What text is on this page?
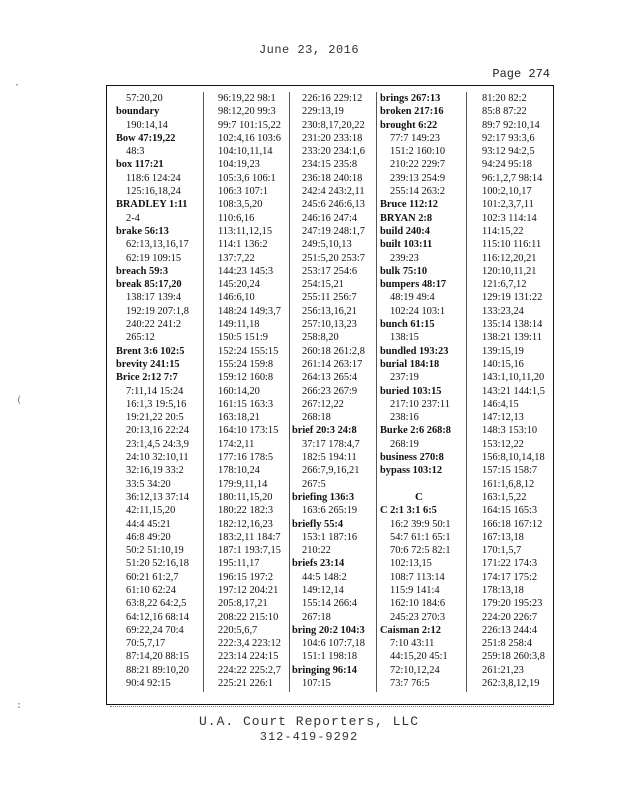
June 23, 2016
Page 274
57:20,20
boundary
190:14,14
Bow 47:19,22
48:3
box 117:21
118:6 124:24
125:16,18,24
BRADLEY 1:11
2-4
brake 56:13
62:13,13,16,17
62:19 109:15
breach 59:3
break 85:17,20
138:17 139:4
192:19 207:1,8
240:22 241:2
265:12
Brent 3:6 102:5
brevity 241:15
Brice 2:12 7:7
7:11,14 15:24
16:1,3 19:5,16
19:21,22 20:5
20:13,16 22:24
23:1,4,5 24:3,9
24:10 32:10,11
32:16,19 33:2
33:5 34:20
36:12,13 37:14
42:11,15,20
44:4 45:21
46:8 49:20
50:2 51:10,19
51:20 52:16,18
60:21 61:2,7
61:10 62:24
63:8,22 64:2,5
64:12,16 68:14
69:22,24 70:4
70:5,7,17
87:14,20 88:15
88:21 89:10,20
90:4 92:15
96:19,22 98:1
98:12,20 99:3
99:7 101:15,22
102:4,16 103:6
104:10,11,14
104:19,23
105:3,6 106:1
106:3 107:1
108:3,5,20
110:6,16
113:11,12,15
114:1 136:2
137:7,22
144:23 145:3
145:20,24
146:6,10
148:24 149:3,7
149:11,18
150:5 151:9
152:24 155:15
155:24 159:8
159:12 160:8
160:14,20
161:15 163:3
163:18,21
164:10 173:15
174:2,11
177:16 178:5
178:10,24
179:9,11,14
180:11,15,20
180:22 182:3
182:12,16,23
183:2,11 184:7
187:1 193:7,15
195:11,17
196:15 197:2
197:12 204:21
205:8,17,21
208:22 215:10
220:5,6,7
222:3,4 223:12
223:14 224:15
224:22 225:2,7
225:21 226:1
226:16 229:12
229:13,19
230:8,17,20,22
231:20 233:18
233:20 234:1,6
234:15 235:8
236:18 240:18
242:4 243:2,11
245:6 246:6,13
246:16 247:4
247:19 248:1,7
249:5,10,13
251:5,20 253:7
253:17 254:6
254:15,21
255:11 256:7
256:13,16,21
257:10,13,23
258:8,20
260:18 261:2,8
261:14 263:17
264:13 265:4
266:23 267:9
267:12,22
268:18
brief 20:3 24:8
37:17 178:4,7
182:5 194:11
266:7,9,16,21
267:5
briefing 136:3
163:6 265:19
briefly 55:4
153:1 187:16
210:22
briefs 23:14
44:5 148:2
149:12,14
155:14 266:4
267:18
bring 20:2 104:3
104:6 107:7,18
151:1 198:18
bringing 96:14
107:15
brings 267:13
broken 217:16
brought 6:22
77:7 149:23
151:2 160:10
210:22 229:7
239:13 254:9
255:14 263:2
Bruce 112:12
BRYAN 2:8
build 240:4
built 103:11
239:23
bulk 75:10
bumpers 48:17
48:19 49:4
102:24 103:1
bunch 61:15
138:15
bundled 193:23
burial 184:18
237:19
buried 103:15
217:10 237:11
238:16
Burke 2:6 268:8
268:19
business 270:8
bypass 103:12
C
C 2:1 3:1 6:5
16:2 39:9 50:1
54:7 61:1 65:1
70:6 72:5 82:1
102:13,15
108:7 113:14
115:9 141:4
162:10 184:6
245:23 270:3
Caisman 2:12
7:10 43:11
44:15,20 45:1
72:10,12,24
73:7 76:5
81:20 82:2
85:8 87:22
89:7 92:10,14
92:17 93:3,6
93:12 94:2,5
94:24 95:18
96:1,2,7 98:14
100:2,10,17
101:2,3,7,11
102:3 114:14
114:15,22
115:10 116:11
116:12,20,21
120:10,11,21
121:6,7,12
129:19 131:22
133:23,24
135:14 138:14
138:21 139:11
139:15,19
140:15,16
143:1,10,11,20
143:21 144:1,5
146:4,15
147:12,13
148:3 153:10
153:12,22
156:8,10,14,18
157:15 158:7
161:1,6,8,12
163:1,5,22
164:15 165:3
166:18 167:12
167:13,18
170:1,5,7
171:22 174:3
174:17 175:2
178:13,18
179:20 195:23
224:20 226:7
226:13 244:4
251:8 258:4
259:18 260:3,8
261:21,23
262:3,8,12,19
U.A. Court Reporters, LLC
312-419-9292
·
(
:
